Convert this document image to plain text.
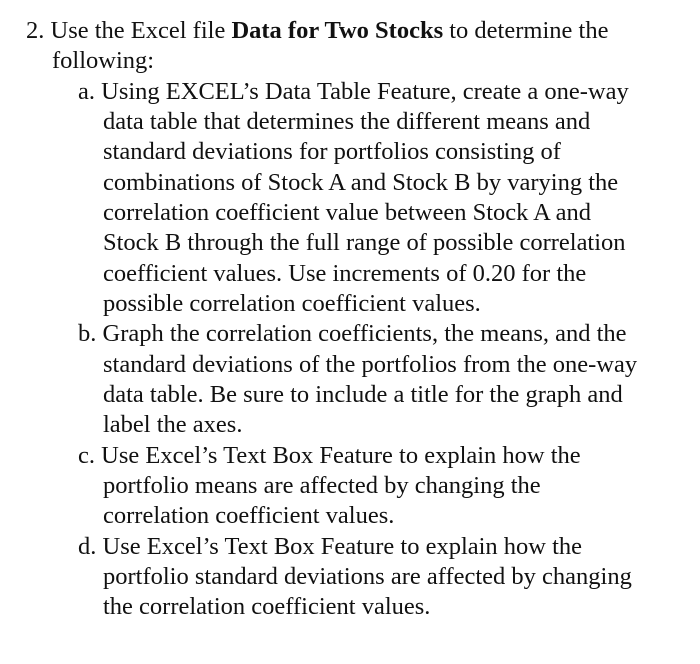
2. Use the Excel file Data for Two Stocks to determine the
following:
a. Using EXCEL’s Data Table Feature, create a one-way
data table that determines the different means and
standard deviations for portfolios consisting of
combinations of Stock A and Stock B by varying the
correlation coefficient value between Stock A and
Stock B through the full range of possible correlation
coefficient values. Use increments of 0.20 for the
possible correlation coefficient values.
b. Graph the correlation coefficients, the means, and the
standard deviations of the portfolios from the one-way
data table. Be sure to include a title for the graph and
label the axes.
c. Use Excel’s Text Box Feature to explain how the
portfolio means are affected by changing the
correlation coefficient values.
d. Use Excel’s Text Box Feature to explain how the
portfolio standard deviations are affected by changing
the correlation coefficient values.
